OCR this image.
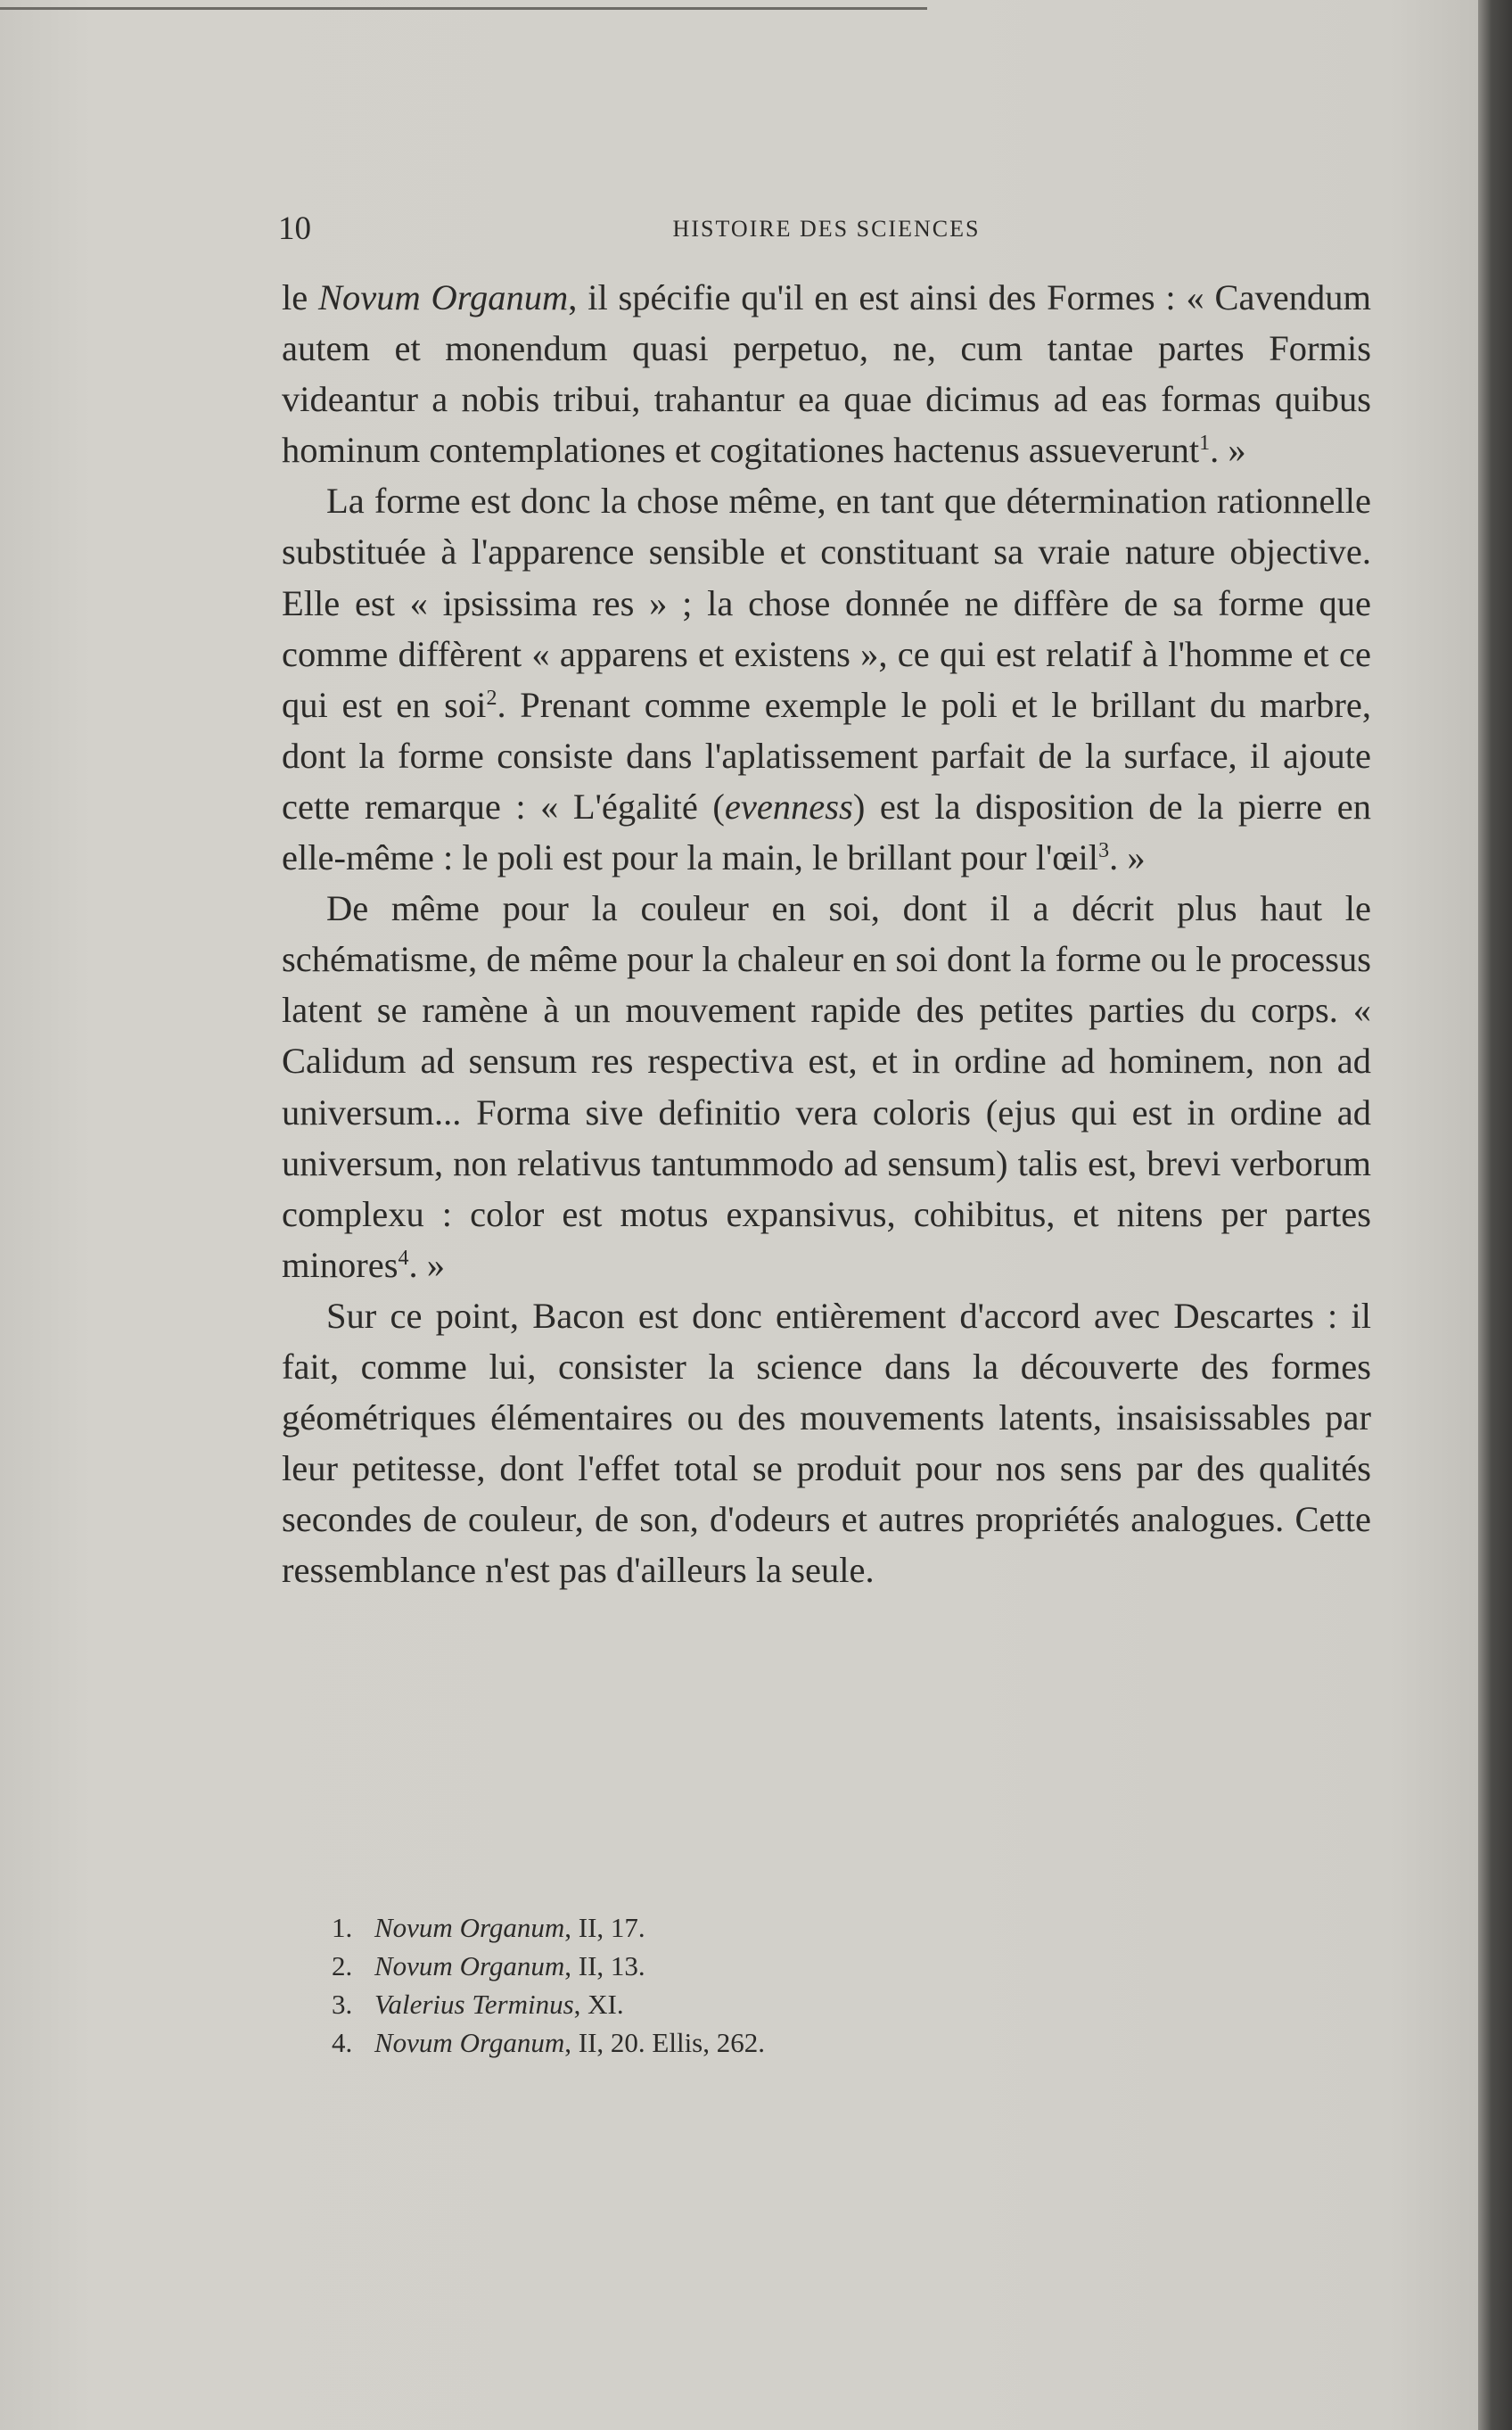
HISTOIRE DES SCIENCES
10

le Novum Organum, il spécifie qu'il en est ainsi des Formes : « Cavendum autem et monendum quasi perpetuo, ne, cum tantae partes Formis videantur a nobis tribui, trahantur ea quae dicimus ad eas formas quibus hominum contemplationes et cogitationes hactenus assueverunt$^1$. »

La forme est donc la chose même, en tant que détermination rationnelle substituée à l'apparence sensible et constituant sa vraie nature objective. Elle est « ipsissima res » ; la chose donnée ne diffère de sa forme que comme diffèrent « apparens et existens », ce qui est relatif à l'homme et ce qui est en soi$^2$. Prenant comme exemple le poli et le brillant du marbre, dont la forme consiste dans l'aplatissement parfait de la surface, il ajoute cette remarque : « L'égalité (evenness) est la disposition de la pierre en elle-même : le poli est pour la main, le brillant pour l'œil$^3$. »

De même pour la couleur en soi, dont il a décrit plus haut le schématisme, de même pour la chaleur en soi dont la forme ou le processus latent se ramène à un mouvement rapide des petites parties du corps. « Calidum ad sensum res respectiva est, et in ordine ad hominem, non ad universum... Forma sive definitio vera coloris (ejus qui est in ordine ad universum, non relativus tantummodo ad sensum) talis est, brevi verborum complexu : color est motus expansivus, cohibitus, et nitens per partes minores$^4$. »

Sur ce point, Bacon est donc entièrement d'accord avec Descartes : il fait, comme lui, consister la science dans la découverte des formes géométriques élémentaires ou des mouvements latents, insaisissables par leur petitesse, dont l'effet total se produit pour nos sens par des qualités secondes de couleur, de son, d'odeurs et autres propriétés analogues. Cette ressemblance n'est pas d'ailleurs la seule.

1. Novum Organum, II, 17.
2. Novum Organum, II, 13.
3. Valerius Terminus, XI.
4. Novum Organum, II, 20. Ellis, 262.
